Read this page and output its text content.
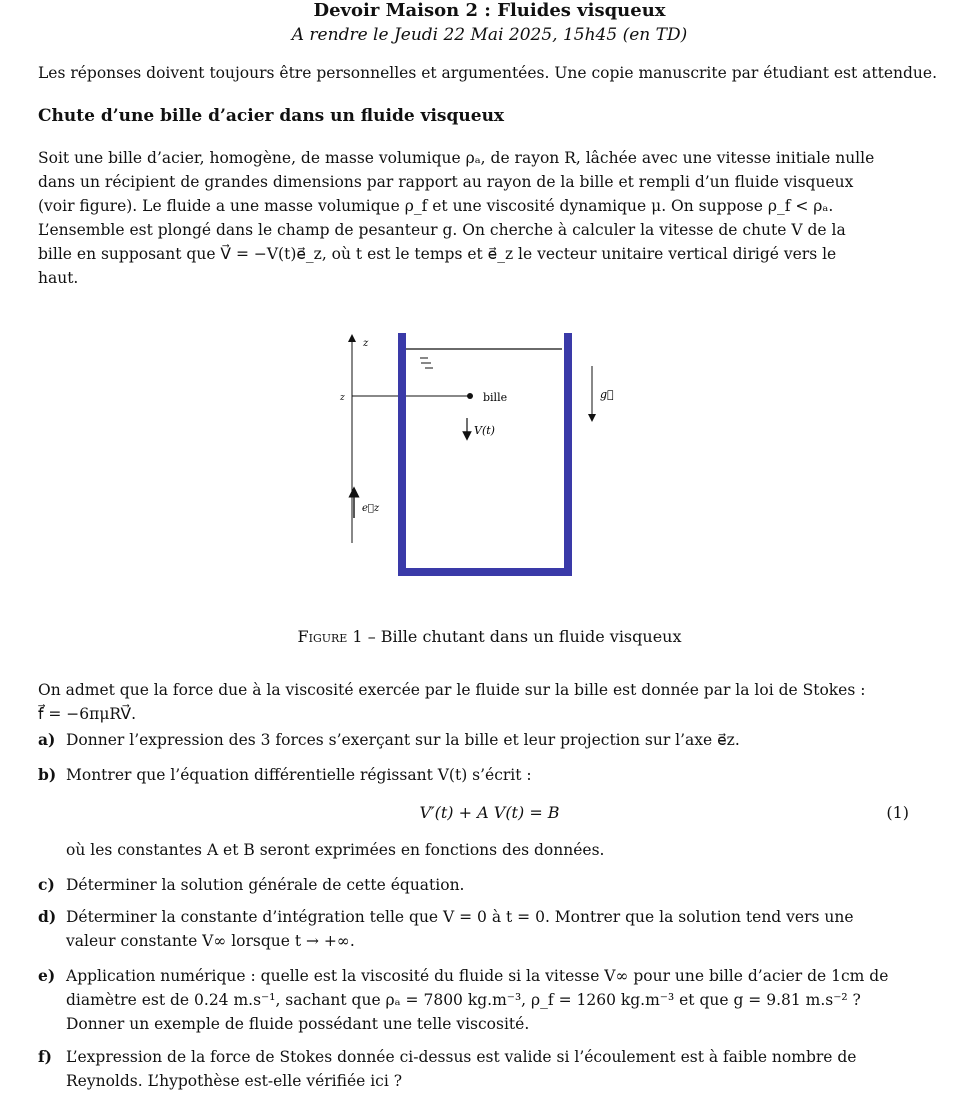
Devoir Maison 2 : Fluides visqueux
A rendre le Jeudi 22 Mai 2025, 15h45 (en TD)
Les réponses doivent toujours être personnelles et argumentées. Une copie manuscrite par étudiant est attendue.
Chute d’une bille d’acier dans un fluide visqueux
Soit une bille d’acier, homogène, de masse volumique ρₐ, de rayon R, lâchée avec une vitesse initiale nulle
dans un récipient de grandes dimensions par rapport au rayon de la bille et rempli d’un fluide visqueux
(voir figure). Le fluide a une masse volumique ρ_f et une viscosité dynamique μ. On suppose ρ_f < ρₐ.
L’ensemble est plongé dans le champ de pesanteur g. On cherche à calculer la vitesse de chute V de la
bille en supposant que V⃗ = −V(t)e⃗_z, où t est le temps et e⃗_z le vecteur unitaire vertical dirigé vers le
haut.
z
z	bille
V(t)
e⃗z
g⃗
Figure 1 – Bille chutant dans un fluide visqueux
On admet que la force due à la viscosité exercée par le fluide sur la bille est donnée par la loi de Stokes :
f⃗ = −6πμRV⃗.
a) Donner l’expression des 3 forces s’exerçant sur la bille et leur projection sur l’axe e⃗z.
b) Montrer que l’équation différentielle régissant V(t) s’écrit :
V′(t) + A V(t) = B	(1)
où les constantes A et B seront exprimées en fonctions des données.
c) Déterminer la solution générale de cette équation.
d) Déterminer la constante d’intégration telle que V = 0 à t = 0. Montrer que la solution tend vers une
valeur constante V∞ lorsque t → +∞.
e) Application numérique : quelle est la viscosité du fluide si la vitesse V∞ pour une bille d’acier de 1cm de
diamètre est de 0.24 m.s⁻¹, sachant que ρₐ = 7800 kg.m⁻³, ρ_f = 1260 kg.m⁻³ et que g = 9.81 m.s⁻² ?
Donner un exemple de fluide possédant une telle viscosité.
f) L’expression de la force de Stokes donnée ci-dessus est valide si l’écoulement est à faible nombre de
Reynolds. L’hypothèse est-elle vérifiée ici ?
